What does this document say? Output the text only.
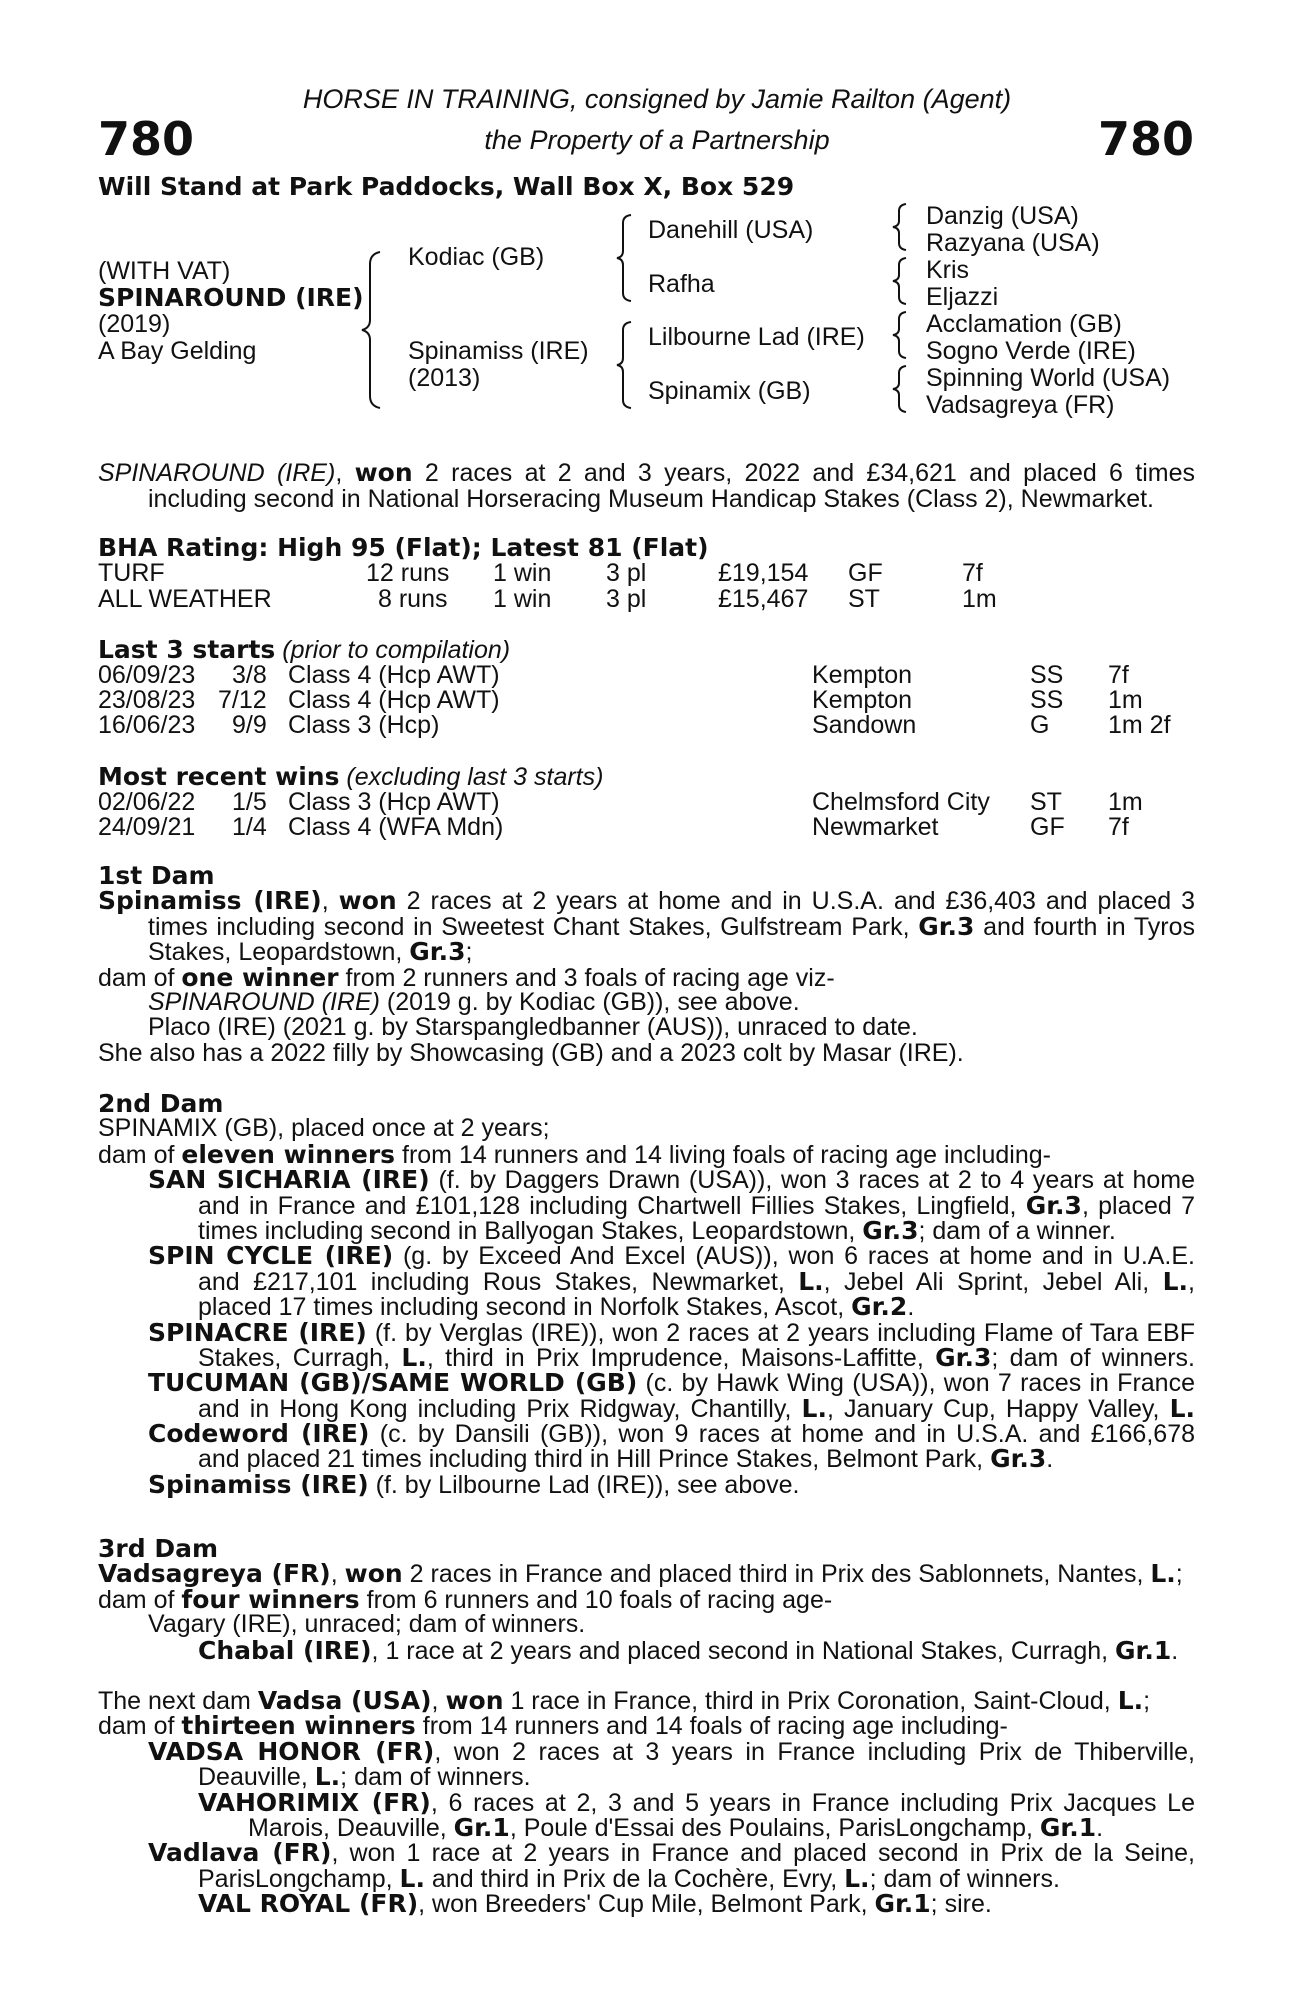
780	780
HORSE IN TRAINING, consigned by Jamie Railton (Agent)
the Property of a Partnership
Will Stand at Park Paddocks, Wall Box X, Box 529
(WITH VAT)
SPINAROUND (IRE)
(2019)
A Bay Gelding
Kodiac (GB)
Spinamiss (IRE)
(2013)
Danehill (USA)
Rafha
Lilbourne Lad (IRE)
Spinamix (GB)
Danzig (USA)
Razyana (USA)
Kris
Eljazzi
Acclamation (GB)
Sogno Verde (IRE)
Spinning World (USA)
Vadsagreya (FR)
SPINAROUND (IRE), won 2 races at 2 and 3 years, 2022 and £34,621 and placed 6 times
including second in National Horseracing Museum Handicap Stakes (Class 2), Newmarket.
BHA Rating: High 95 (Flat); Latest 81 (Flat)
TURF	12 runs 1 win 3 pl	£19,154 GF	7f
ALL WEATHER	8 runs 1 win 3 pl	£15,467 ST	1m
Last 3 starts (prior to compilation)
06/09/23 3/8 Class 4 (Hcp AWT)	Kempton	SS 7f
23/08/23 7/12 Class 4 (Hcp AWT)	Kempton	SS 1m
16/06/23 9/9 Class 3 (Hcp)	Sandown	G 1m 2f
Most recent wins (excluding last 3 starts)
02/06/22 1/5 Class 3 (Hcp AWT)	Chelmsford City ST 1m
24/09/21 1/4 Class 4 (WFA Mdn)	Newmarket	GF 7f
1st Dam
Spinamiss (IRE), won 2 races at 2 years at home and in U.S.A. and £36,403 and placed 3
times including second in Sweetest Chant Stakes, Gulfstream Park, Gr.3 and fourth in Tyros
Stakes, Leopardstown, Gr.3;
dam of one winner from 2 runners and 3 foals of racing age viz-
SPINAROUND (IRE) (2019 g. by Kodiac (GB)), see above.
Placo (IRE) (2021 g. by Starspangledbanner (AUS)), unraced to date.
She also has a 2022 filly by Showcasing (GB) and a 2023 colt by Masar (IRE).
2nd Dam
SPINAMIX (GB), placed once at 2 years;
dam of eleven winners from 14 runners and 14 living foals of racing age including-
SAN SICHARIA (IRE) (f. by Daggers Drawn (USA)), won 3 races at 2 to 4 years at home
and in France and £101,128 including Chartwell Fillies Stakes, Lingfield, Gr.3, placed 7
times including second in Ballyogan Stakes, Leopardstown, Gr.3; dam of a winner.
SPIN CYCLE (IRE) (g. by Exceed And Excel (AUS)), won 6 races at home and in U.A.E.
and £217,101 including Rous Stakes, Newmarket, L., Jebel Ali Sprint, Jebel Ali, L.,
placed 17 times including second in Norfolk Stakes, Ascot, Gr.2.
SPINACRE (IRE) (f. by Verglas (IRE)), won 2 races at 2 years including Flame of Tara EBF
Stakes, Curragh, L., third in Prix Imprudence, Maisons-Laffitte, Gr.3; dam of winners.
TUCUMAN (GB)/SAME WORLD (GB) (c. by Hawk Wing (USA)), won 7 races in France
and in Hong Kong including Prix Ridgway, Chantilly, L., January Cup, Happy Valley, L.
Codeword (IRE) (c. by Dansili (GB)), won 9 races at home and in U.S.A. and £166,678
and placed 21 times including third in Hill Prince Stakes, Belmont Park, Gr.3.
Spinamiss (IRE) (f. by Lilbourne Lad (IRE)), see above.
3rd Dam
Vadsagreya (FR), won 2 races in France and placed third in Prix des Sablonnets, Nantes, L.;
dam of four winners from 6 runners and 10 foals of racing age-
Vagary (IRE), unraced; dam of winners.
Chabal (IRE), 1 race at 2 years and placed second in National Stakes, Curragh, Gr.1.
The next dam Vadsa (USA), won 1 race in France, third in Prix Coronation, Saint-Cloud, L.;
dam of thirteen winners from 14 runners and 14 foals of racing age including-
VADSA HONOR (FR), won 2 races at 3 years in France including Prix de Thiberville,
Deauville, L.; dam of winners.
VAHORIMIX (FR), 6 races at 2, 3 and 5 years in France including Prix Jacques Le
Marois, Deauville, Gr.1, Poule d'Essai des Poulains, ParisLongchamp, Gr.1.
Vadlava (FR), won 1 race at 2 years in France and placed second in Prix de la Seine,
ParisLongchamp, L. and third in Prix de la Cochère, Evry, L.; dam of winners.
VAL ROYAL (FR), won Breeders' Cup Mile, Belmont Park, Gr.1; sire.
